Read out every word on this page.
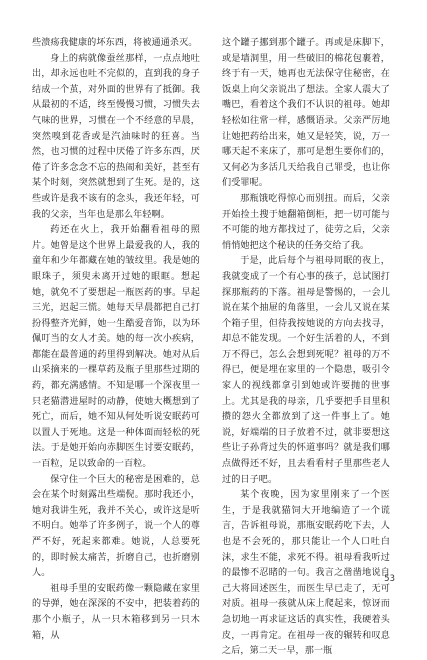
些溃疡我健康的坏东西，将被通通杀灭。

身上的病就像蚕丝那样，一点点地吐出，却永远也吐不完似的，直到我的身子结成一个茧，对外面的世界有了抵御。我从最初的不适，终至慢慢习惯，习惯失去气味的世界，习惯在一个不经意的早晨，突然嗅到花香或是汽油味时的狂喜。当然，也习惯的过程中厌倦了许多东西，厌倦了许多念念不忘的热闹和美好，甚至有某个时刻，突然就想到了生死。是的，这些或许是我不该有的念头，我还年轻，可我的父亲，当年也是那么年轻啊。

药还在火上，我开始翻看祖母的照片。她曾是这个世界上最爱我的人，我的童年和少年都藏在她的皱纹里。我是她的眼珠子，须臾未离开过她的眼眶。想起她，就免不了要想起一瓶医药的事。早起三光，迟起三慌。她每天早晨都把自己打扮得整齐光鲜，她一生酷爱音饰，以为环佩叮当的女人才美。她的每一次小疾病，都能在最普通的药里得到解决。她对从后山采摘来的一棵草药及瓶子里那些过期的药，都充满感情。不知是哪一个深夜里一只老猫潜进屋时的动静，使她大概想到了死亡，而后，她不知从何处听说安眠药可以置人于死地。这是一种体面而轻松的死法。于是她开始向赤脚医生讨要安眠药，一百粒，足以致命的一百粒。

保守住一个巨大的秘密是困难的，总会在某个时刻露出些端倪。那时我还小，她对我讲生死，我并不关心，或许这是听不明白。她举了许多例子，说一个人的尊严不好，死起来都难。她说，人总要死的，即时候太痛苦，折磨自己，也折磨别人。

祖母手里的安眠药像一颗隐藏在家里的导弹，她在深深的不安中，把装着药的那个小瓶子，从一只木箱移到另一只木箱，从

这个罐子挪到那个罐子。再或是床脚下，或是墙洞里，用一些破旧的棉花包裹着，终于有一天，她再也无法保守住秘密，在饭桌上向父亲说出了想法。全家人震大了嘴巴，看着这个我们不认识的祖母。她却轻松如往常一样，感慨语录。父亲严厉地让她把药给出来，她又是轻笑，说，万一哪天起不来床了，那可是想生要你们的，又何必为多活几天给我自己罪受，也让你们受罪呢。

那瓶饿吃得惊心而别扭。而后，父亲开始捡土搜于她翻箱倒柜，把一切可能与不可能的地方都找过了，徒劳之后，父亲悄悄她把这个秘诀的任务交给了我。

于是，此后每个与祖母同眠的夜上，我就变成了一个有心事的孩子，总试图打探那瓶药的下落。祖母是警惕的，一会儿说在某个抽屉的角落里，一会儿又说在某个箱子里，但待我按她说的方向去找寻，却总不能发现。一个好生活着的人，不到万不得已，怎么会想到死呢？祖母的万不得已，便是埋在家里的一个隐患，吸引令家人的视线都拿引到她或许要抛的世事上。尤其是我的母亲，几乎要把手目里积攒的怨火全都放到了这一件事上了。她说，好端端的日子放着不过，就非要想这些让子孙背过失的怀道事吗？就是我们哪点做得还不好，且去看看村子里那些老人过的日子吧。

某个夜晚，因为家里刚来了一个医生，于是我就猫饲大开地编造了一个谎言，告诉祖母说，那瓶安眠药吃下去，人也是不会死的，那只能让一个人口吐白沫，求生不能，求死不得。祖母看我听过的最惨不忍睹的一句。我言之凿凿地说自己大将回述医生，而医生早已走了，无可对质。祖母一孩就从床上爬起来，惊讶而急切地一再求证这话的真实性，我硬着头皮，一再肯定。在祖母一夜的辗转和叹息之后，第二天一早，那一瓶

53
